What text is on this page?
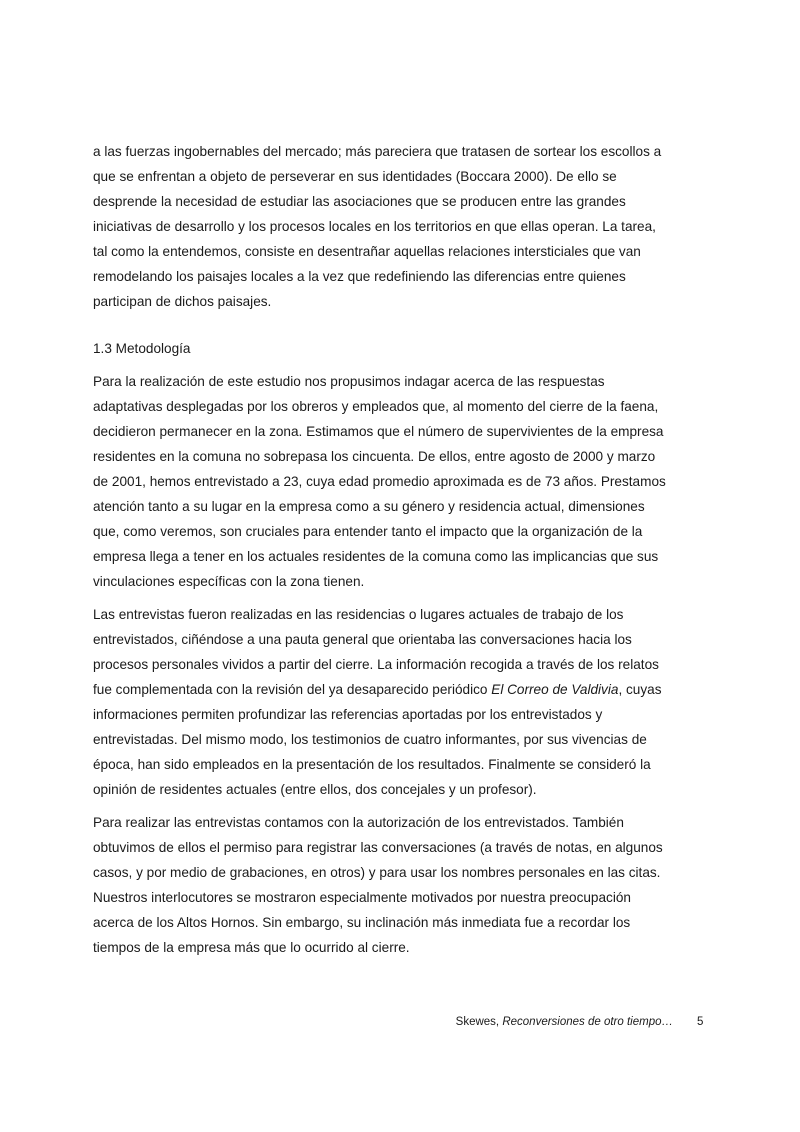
a las fuerzas ingobernables del mercado; más pareciera que tratasen de sortear los escollos a
que se enfrentan a objeto de perseverar en sus identidades (Boccara 2000). De ello se
desprende la necesidad de estudiar las asociaciones que se producen entre las grandes
iniciativas de desarrollo y los procesos locales en los territorios en que ellas operan. La tarea,
tal como la entendemos, consiste en desentrañar aquellas relaciones intersticiales que van
remodelando los paisajes locales a la vez que redefiniendo las diferencias entre quienes
participan de dichos paisajes.
1.3 Metodología
Para la realización de este estudio nos propusimos indagar acerca de las respuestas
adaptativas desplegadas por los obreros y empleados que, al momento del cierre de la faena,
decidieron permanecer en la zona. Estimamos que el número de supervivientes de la empresa
residentes en la comuna no sobrepasa los cincuenta. De ellos, entre agosto de 2000 y marzo
de 2001, hemos entrevistado a 23, cuya edad promedio aproximada es de 73 años. Prestamos
atención tanto a su lugar en la empresa como a su género y residencia actual, dimensiones
que, como veremos, son cruciales para entender tanto el impacto que la organización de la
empresa llega a tener en los actuales residentes de la comuna como las implicancias que sus
vinculaciones específicas con la zona tienen.
Las entrevistas fueron realizadas en las residencias o lugares actuales de trabajo de los
entrevistados, ciñéndose a una pauta general que orientaba las conversaciones hacia los
procesos personales vividos a partir del cierre. La información recogida a través de los relatos
fue complementada con la revisión del ya desaparecido periódico El Correo de Valdivia, cuyas
informaciones permiten profundizar las referencias aportadas por los entrevistados y
entrevistadas. Del mismo modo, los testimonios de cuatro informantes, por sus vivencias de
época, han sido empleados en la presentación de los resultados. Finalmente se consideró la
opinión de residentes actuales (entre ellos, dos concejales y un profesor).
Para realizar las entrevistas contamos con la autorización de los entrevistados. También
obtuvimos de ellos el permiso para registrar las conversaciones (a través de notas, en algunos
casos, y por medio de grabaciones, en otros) y para usar los nombres personales en las citas.
Nuestros interlocutores se mostraron especialmente motivados por nuestra preocupación
acerca de los Altos Hornos. Sin embargo, su inclinación más inmediata fue a recordar los
tiempos de la empresa más que lo ocurrido al cierre.
Skewes, Reconversiones de otro tiempo… 5
